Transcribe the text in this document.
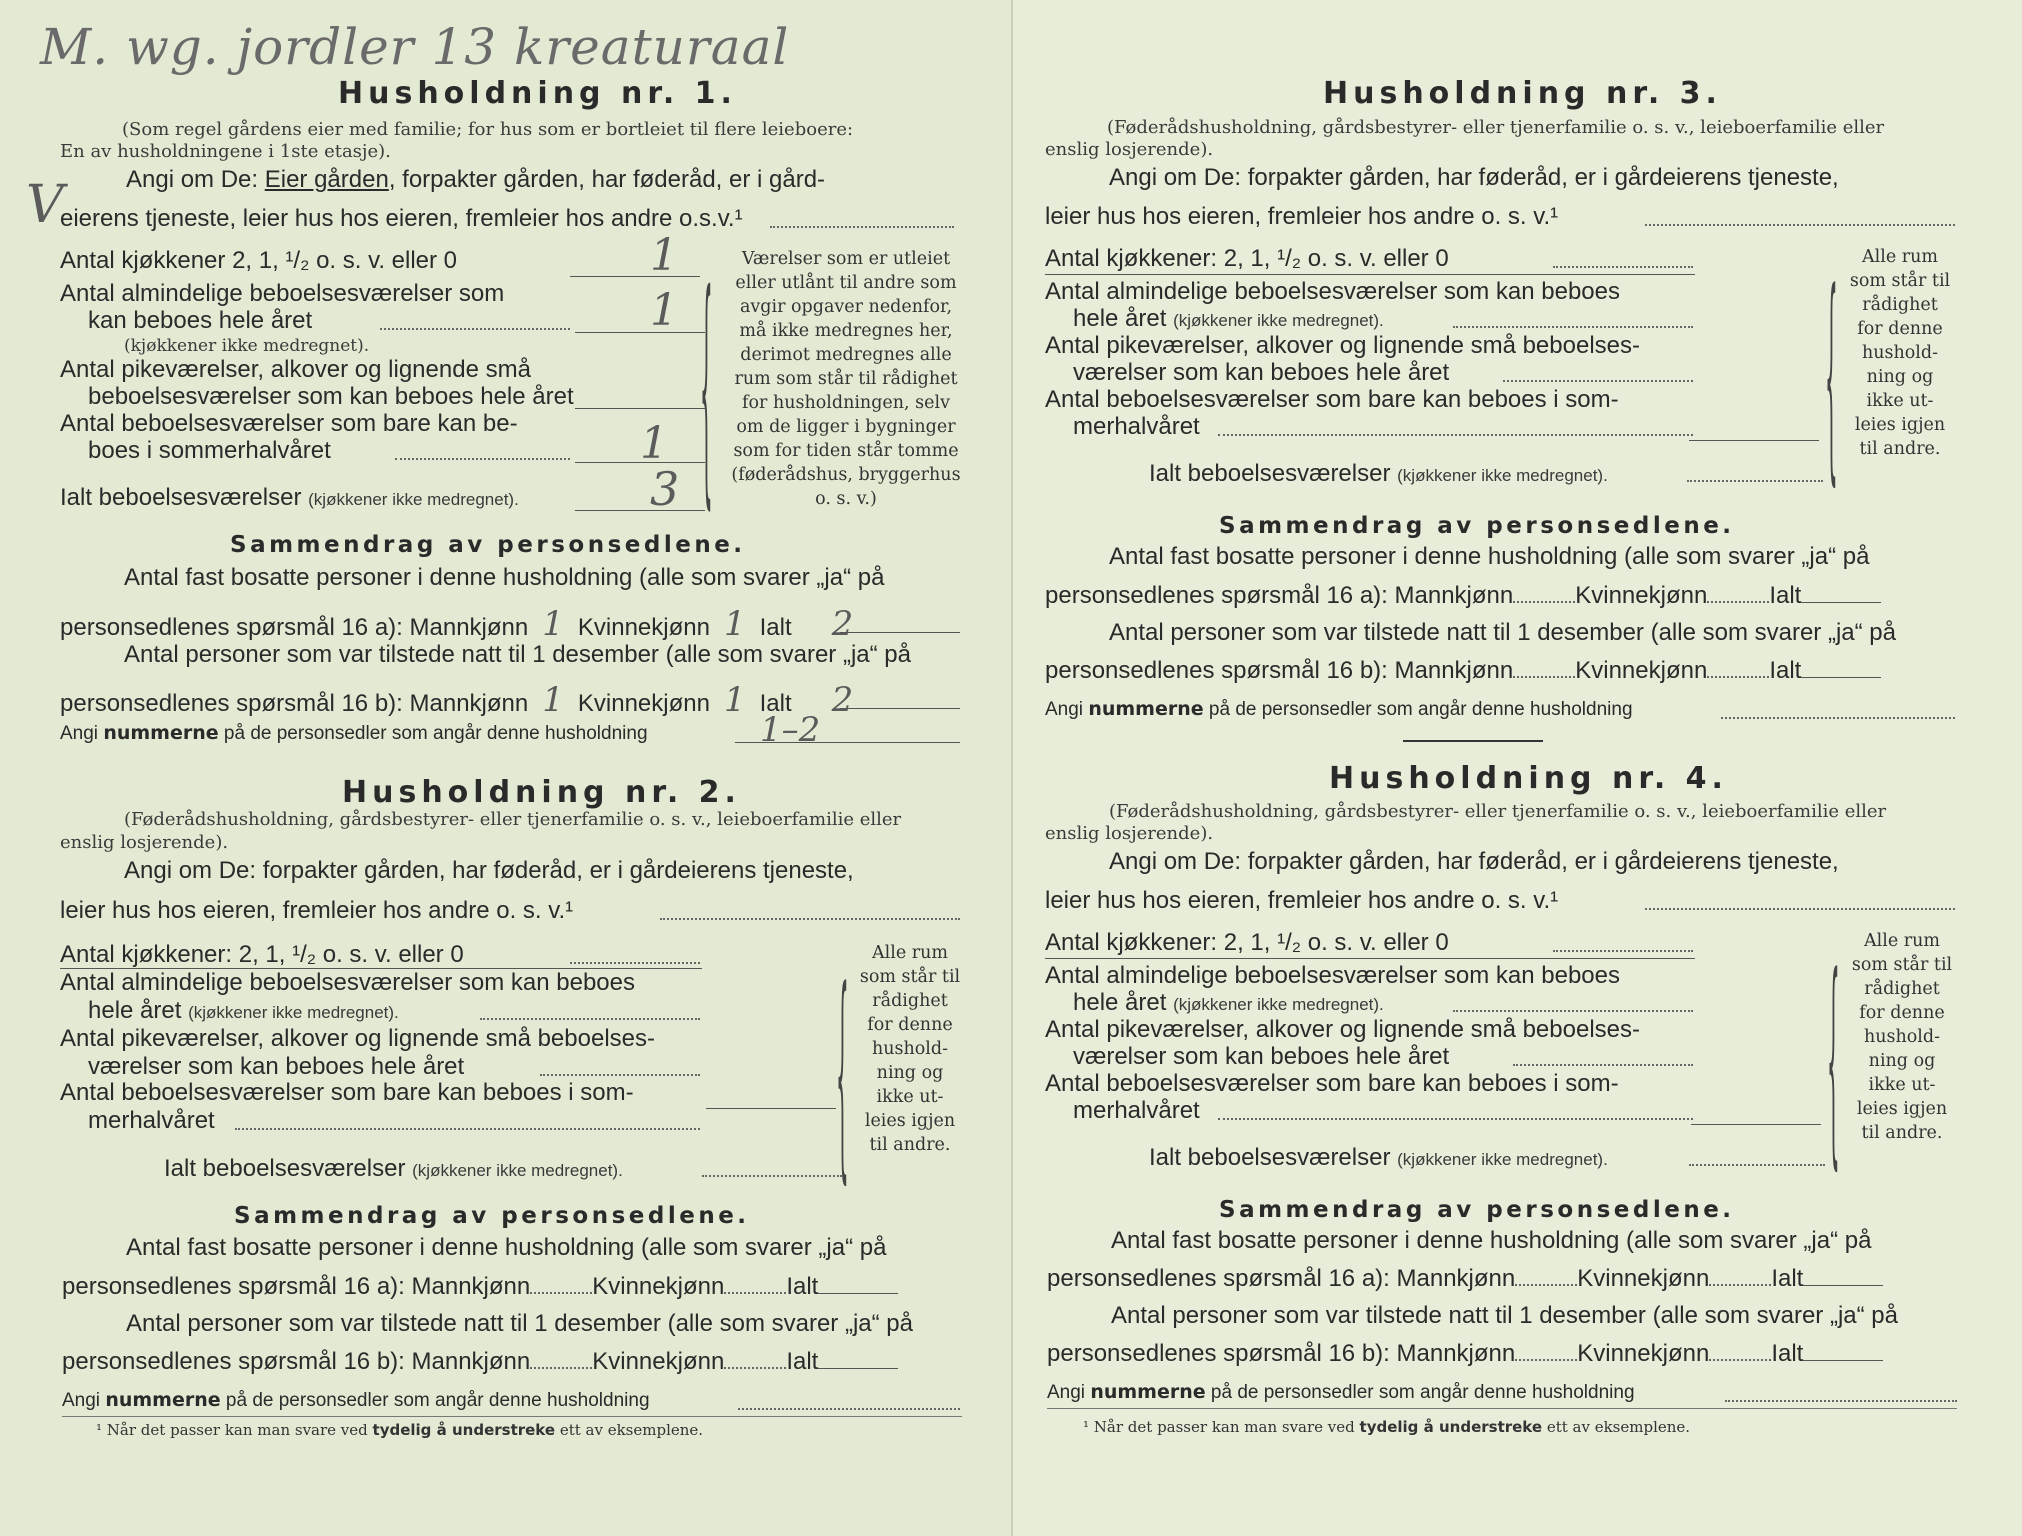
M. wg. jordler 13 kreaturaal
Husholdning nr. 1.
(Som regel gårdens eier med familie; for hus som er bortleiet til flere leieboere:
En av husholdningene i 1ste etasje).
Angi om De: Eier gården, forpakter gården, har føderåd, er i gård-
V
eierens tjeneste, leier hus hos eieren, fremleier hos andre o.s.v.¹
Antal kjøkkener 2, 1, ¹/₂ o. s. v. eller 0	1
Antal almindelige beboelsesværelser som
kan beboes hele året	1
(kjøkkener ikke medregnet).
Antal pikeværelser, alkover og lignende små
beboelsesværelser som kan beboes hele året
Antal beboelsesværelser som bare kan be-
boes i sommerhalvåret	1
Ialt beboelsesværelser (kjøkkener ikke medregnet).	3 {	Værelser som er utleiet eller utlånt til andre som avgir opgaver nedenfor, må ikke medregnes her, derimot medregnes alle rum som står til rådighet for husholdningen, selv om de ligger i bygninger som for tiden står tomme (føderådshus, bryggerhus o. s. v.)
Sammendrag av personsedlene.
Antal fast bosatte personer i denne husholdning (alle som svarer „ja“ på
personsedlenes spørsmål 16 a): Mannkjønn 1 Kvinnekjønn 1 Ialt 2
Antal personer som var tilstede natt til 1 desember (alle som svarer „ja“ på
personsedlenes spørsmål 16 b): Mannkjønn 1 Kvinnekjønn 1 Ialt 2
Angi nummerne på de personsedler som angår denne husholdning	1–2
Husholdning nr. 2.
(Føderådshusholdning, gårdsbestyrer- eller tjenerfamilie o. s. v., leieboerfamilie eller
enslig losjerende).
Angi om De: forpakter gården, har føderåd, er i gårdeierens tjeneste,
leier hus hos eieren, fremleier hos andre o. s. v.¹
Antal kjøkkener: 2, 1, ¹/₂ o. s. v. eller 0
Antal almindelige beboelsesværelser som kan beboes
hele året (kjøkkener ikke medregnet).
Antal pikeværelser, alkover og lignende små beboelses-
værelser som kan beboes hele året
Antal beboelsesværelser som bare kan beboes i som-
merhalvåret
Ialt beboelsesværelser (kjøkkener ikke medregnet).	{	Alle rum som står til rådighet for denne hushold-ning og ikke ut-leies igjen til andre.
Sammendrag av personsedlene.
Antal fast bosatte personer i denne husholdning (alle som svarer „ja“ på
personsedlenes spørsmål 16 a): Mannkjønn	Kvinnekjønn	Ialt
Antal personer som var tilstede natt til 1 desember (alle som svarer „ja“ på
personsedlenes spørsmål 16 b): Mannkjønn	Kvinnekjønn	Ialt
Angi nummerne på de personsedler som angår denne husholdning
¹ Når det passer kan man svare ved tydelig å understreke ett av eksemplene.
Husholdning nr. 3.
(Føderådshusholdning, gårdsbestyrer- eller tjenerfamilie o. s. v., leieboerfamilie eller
enslig losjerende).
Angi om De: forpakter gården, har føderåd, er i gårdeierens tjeneste,
leier hus hos eieren, fremleier hos andre o. s. v.¹
Antal kjøkkener: 2, 1, ¹/₂ o. s. v. eller 0
Antal almindelige beboelsesværelser som kan beboes
hele året (kjøkkener ikke medregnet).
Antal pikeværelser, alkover og lignende små beboelses-
værelser som kan beboes hele året
Antal beboelsesværelser som bare kan beboes i som-
merhalvåret
Ialt beboelsesværelser (kjøkkener ikke medregnet).	{	Alle rum som står til rådighet for denne hushold-ning og ikke ut-leies igjen til andre.
Sammendrag av personsedlene.
Antal fast bosatte personer i denne husholdning (alle som svarer „ja“ på
personsedlenes spørsmål 16 a): Mannkjønn	Kvinnekjønn	Ialt
Antal personer som var tilstede natt til 1 desember (alle som svarer „ja“ på
personsedlenes spørsmål 16 b): Mannkjønn	Kvinnekjønn	Ialt
Angi nummerne på de personsedler som angår denne husholdning
Husholdning nr. 4.
(Føderådshusholdning, gårdsbestyrer- eller tjenerfamilie o. s. v., leieboerfamilie eller
enslig losjerende).
Angi om De: forpakter gården, har føderåd, er i gårdeierens tjeneste,
leier hus hos eieren, fremleier hos andre o. s. v.¹
Antal kjøkkener: 2, 1, ¹/₂ o. s. v. eller 0
Antal almindelige beboelsesværelser som kan beboes
hele året (kjøkkener ikke medregnet).
Antal pikeværelser, alkover og lignende små beboelses-
værelser som kan beboes hele året
Antal beboelsesværelser som bare kan beboes i som-
merhalvåret
Ialt beboelsesværelser (kjøkkener ikke medregnet).	{	Alle rum som står til rådighet for denne hushold-ning og ikke ut-leies igjen til andre.
Sammendrag av personsedlene.
Antal fast bosatte personer i denne husholdning (alle som svarer „ja“ på
personsedlenes spørsmål 16 a): Mannkjønn	Kvinnekjønn	Ialt
Antal personer som var tilstede natt til 1 desember (alle som svarer „ja“ på
personsedlenes spørsmål 16 b): Mannkjønn	Kvinnekjønn	Ialt
Angi nummerne på de personsedler som angår denne husholdning
¹ Når det passer kan man svare ved tydelig å understreke ett av eksemplene.
